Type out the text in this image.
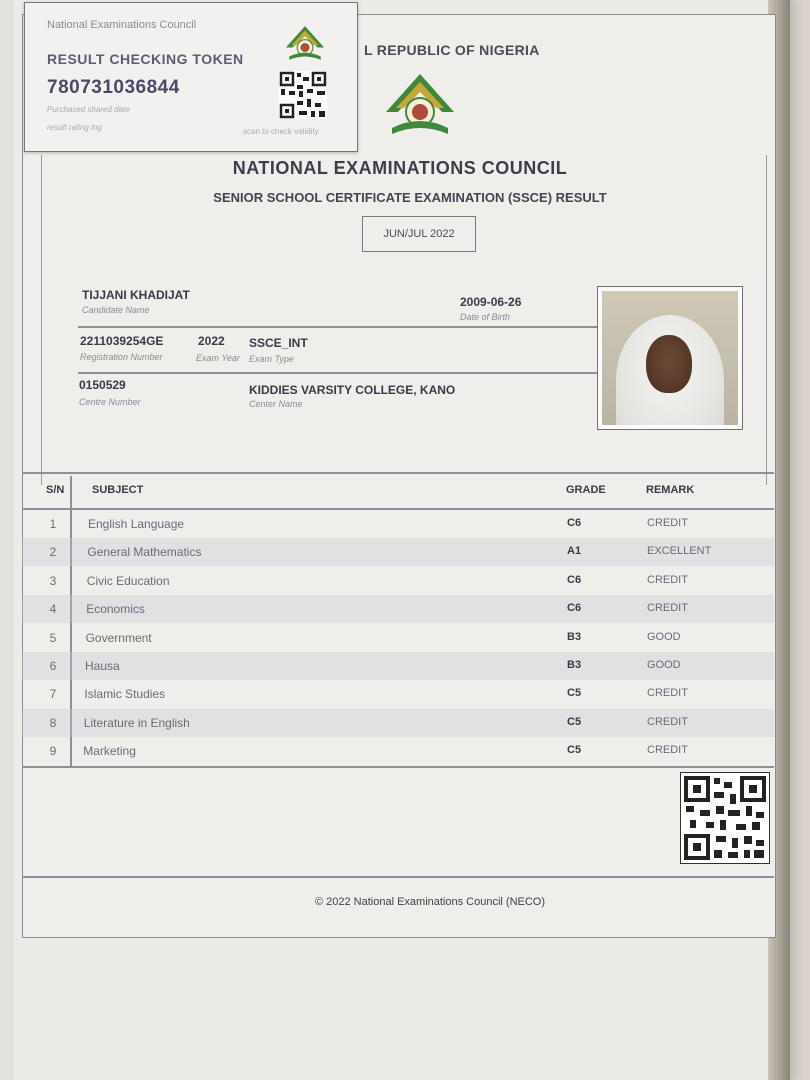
L REPUBLIC OF NIGERIA
NATIONAL EXAMINATIONS COUNCIL
SENIOR SCHOOL CERTIFICATE EXAMINATION (SSCE) RESULT
JUN/JUL 2022
TIJJANI KHADIJAT
Candidate Name
2009-06-26
Date of Birth
2211039254GE
Registration Number
2022
Exam Year
SSCE_INT
Exam Type
0150529
Centre Number
KIDDIES VARSITY COLLEGE, KANO
Center Name
S/N	SUBJECT	GRADE	REMARK
1	English Language	C6	CREDIT
2	General Mathematics	A1	EXCELLENT
3	Civic Education	C6	CREDIT
4	Economics	C6	CREDIT
5	Government	B3	GOOD
6	Hausa	B3	GOOD
7	Islamic Studies	C5	CREDIT
8	Literature in English	C5	CREDIT
9	Marketing	C5	CREDIT
© 2022 National Examinations Council (NECO)
National Examinations Council
RESULT CHECKING TOKEN
780731036844
Purchased shared date
result rating ing	scan to check validity
